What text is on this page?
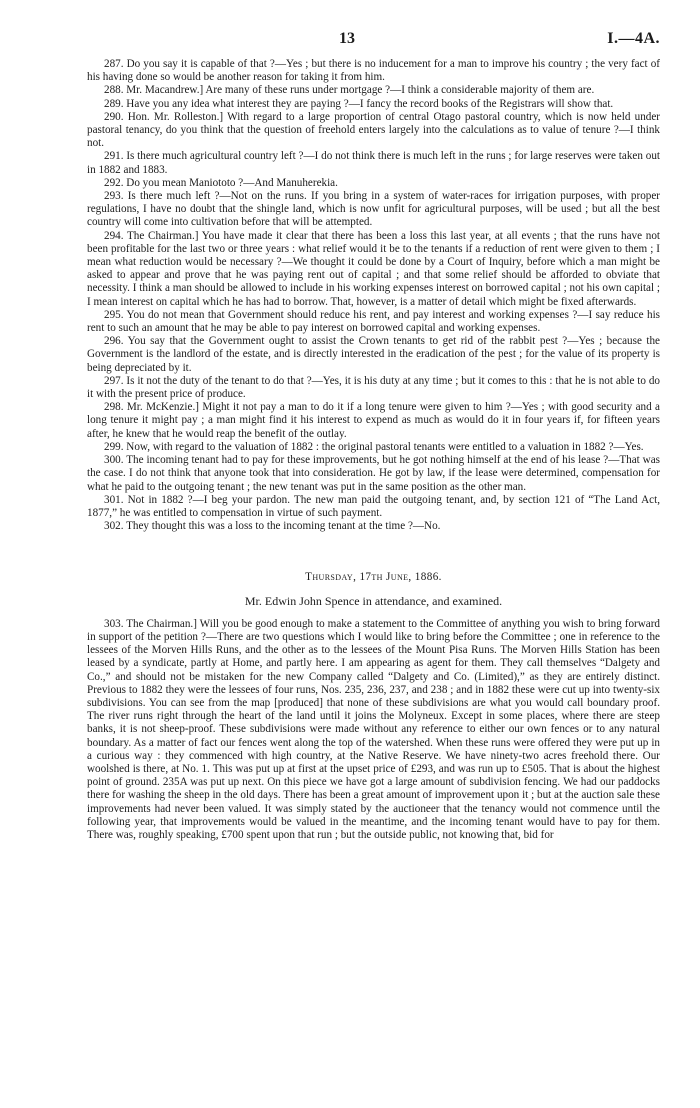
13	I.—4A.

287. Do you say it is capable of that ?—Yes ; but there is no inducement for a man to improve his country ; the very fact of his having done so would be another reason for taking it from him.

288. Mr. Macandrew.] Are many of these runs under mortgage ?—I think a considerable majority of them are.

289. Have you any idea what interest they are paying ?—I fancy the record books of the Registrars will show that.

290. Hon. Mr. Rolleston.] With regard to a large proportion of central Otago pastoral country, which is now held under pastoral tenancy, do you think that the question of freehold enters largely into the calculations as to value of tenure ?—I think not.

291. Is there much agricultural country left ?—I do not think there is much left in the runs ; for large reserves were taken out in 1882 and 1883.

292. Do you mean Maniototo ?—And Manuherekia.

293. Is there much left ?—Not on the runs. If you bring in a system of water-races for irrigation purposes, with proper regulations, I have no doubt that the shingle land, which is now unfit for agricultural purposes, will be used ; but all the best country will come into cultivation before that will be attempted.

294. The Chairman.] You have made it clear that there has been a loss this last year, at all events ; that the runs have not been profitable for the last two or three years : what relief would it be to the tenants if a reduction of rent were given to them ; I mean what reduction would be necessary ?—We thought it could be done by a Court of Inquiry, before which a man might be asked to appear and prove that he was paying rent out of capital ; and that some relief should be afforded to obviate that necessity. I think a man should be allowed to include in his working expenses interest on borrowed capital ; not his own capital ; I mean interest on capital which he has had to borrow. That, however, is a matter of detail which might be fixed afterwards.

295. You do not mean that Government should reduce his rent, and pay interest and working expenses ?—I say reduce his rent to such an amount that he may be able to pay interest on borrowed capital and working expenses.

296. You say that the Government ought to assist the Crown tenants to get rid of the rabbit pest ?—Yes ; because the Government is the landlord of the estate, and is directly interested in the eradication of the pest ; for the value of its property is being depreciated by it.

297. Is it not the duty of the tenant to do that ?—Yes, it is his duty at any time ; but it comes to this : that he is not able to do it with the present price of produce.

298. Mr. McKenzie.] Might it not pay a man to do it if a long tenure were given to him ?—Yes ; with good security and a long tenure it might pay ; a man might find it his interest to expend as much as would do it in four years if, for fifteen years after, he knew that he would reap the benefit of the outlay.

299. Now, with regard to the valuation of 1882 : the original pastoral tenants were entitled to a valuation in 1882 ?—Yes.

300. The incoming tenant had to pay for these improvements, but he got nothing himself at the end of his lease ?—That was the case. I do not think that anyone took that into consideration. He got by law, if the lease were determined, compensation for what he paid to the outgoing tenant ; the new tenant was put in the same position as the other man.

301. Not in 1882 ?—I beg your pardon. The new man paid the outgoing tenant, and, by section 121 of “The Land Act, 1877,” he was entitled to compensation in virtue of such payment.

302. They thought this was a loss to the incoming tenant at the time ?—No.

Thursday, 17th June, 1886.
Mr. Edwin John Spence in attendance, and examined.

303. The Chairman.] Will you be good enough to make a statement to the Committee of anything you wish to bring forward in support of the petition ?—There are two questions which I would like to bring before the Committee ; one in reference to the lessees of the Morven Hills Runs, and the other as to the lessees of the Mount Pisa Runs. The Morven Hills Station has been leased by a syndicate, partly at Home, and partly here. I am appearing as agent for them. They call themselves “Dalgety and Co.,” and should not be mistaken for the new Company called “Dalgety and Co. (Limited),” as they are entirely distinct. Previous to 1882 they were the lessees of four runs, Nos. 235, 236, 237, and 238 ; and in 1882 these were cut up into twenty-six subdivisions. You can see from the map [produced] that none of these subdivisions are what you would call boundary proof. The river runs right through the heart of the land until it joins the Molyneux. Except in some places, where there are steep banks, it is not sheep-proof. These subdivisions were made without any reference to either our own fences or to any natural boundary. As a matter of fact our fences went along the top of the watershed. When these runs were offered they were put up in a curious way : they commenced with high country, at the Native Reserve. We have ninety-two acres freehold there. Our woolshed is there, at No. 1. This was put up at first at the upset price of £293, and was run up to £505. That is about the highest point of ground. 235A was put up next. On this piece we have got a large amount of subdivision fencing. We had our paddocks there for washing the sheep in the old days. There has been a great amount of improvement upon it ; but at the auction sale these improvements had never been valued. It was simply stated by the auctioneer that the tenancy would not commence until the following year, that improvements would be valued in the meantime, and the incoming tenant would have to pay for them. There was, roughly speaking, £700 spent upon that run ; but the outside public, not knowing that, bid for
